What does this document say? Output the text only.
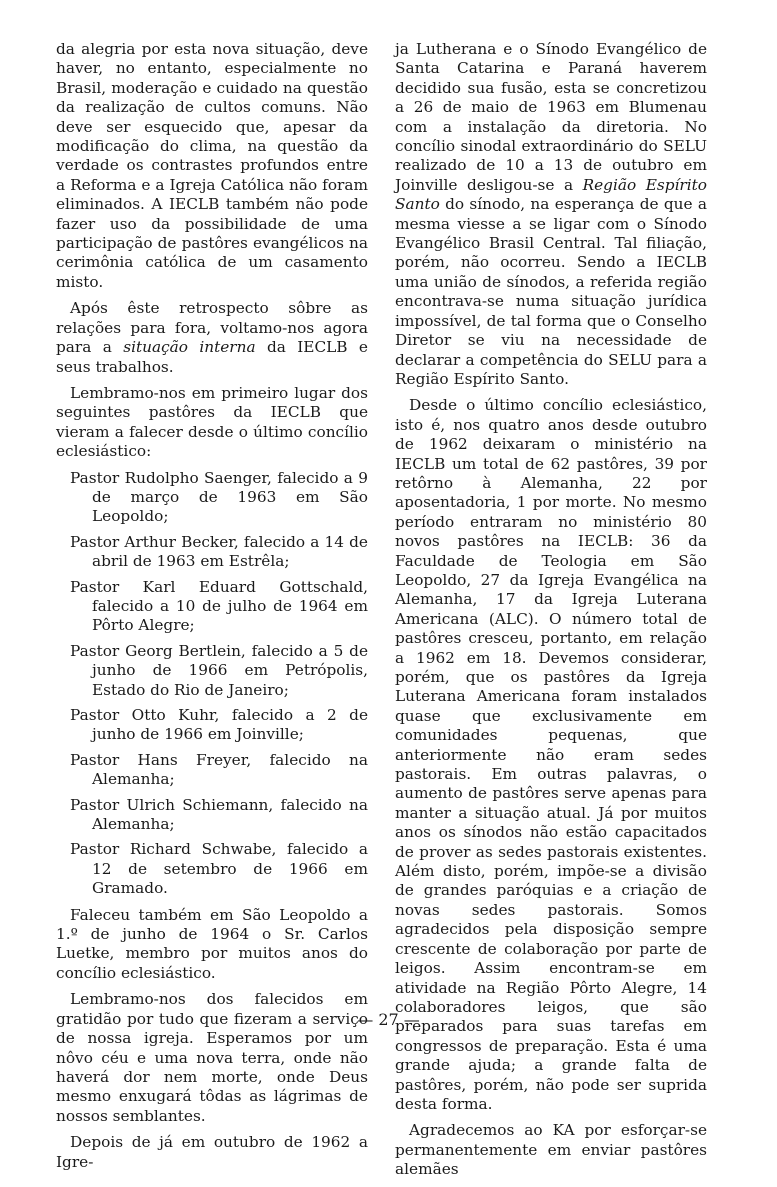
da alegria por esta nova situação, deve haver, no entanto, especialmente no Brasil, moderação e cuidado na questão da realização de cultos comuns. Não deve ser esquecido que, apesar da modificação do clima, na questão da verdade os contrastes profundos entre a Reforma e a Igreja Católica não foram eliminados. A IECLB também não pode fazer uso da possibilidade de uma participação de pastôres evangélicos na cerimônia católica de um casamento misto.

Após êste retrospecto sôbre as relações para fora, voltamo-nos agora para a situação interna da IECLB e seus trabalhos.

Lembramo-nos em primeiro lugar dos seguintes pastôres da IECLB que vieram a falecer desde o último concílio eclesiástico:

Pastor Rudolpho Saenger, falecido a 9 de março de 1963 em São Leopoldo;
Pastor Arthur Becker, falecido a 14 de abril de 1963 em Estrêla;
Pastor Karl Eduard Gottschald, falecido a 10 de julho de 1964 em Pôrto Alegre;
Pastor Georg Bertlein, falecido a 5 de junho de 1966 em Petrópolis, Estado do Rio de Janeiro;
Pastor Otto Kuhr, falecido a 2 de junho de 1966 em Joinville;
Pastor Hans Freyer, falecido na Alemanha;
Pastor Ulrich Schiemann, falecido na Alemanha;
Pastor Richard Schwabe, falecido a 12 de setembro de 1966 em Gramado.

Faleceu também em São Leopoldo a 1.º de junho de 1964 o Sr. Carlos Luetke, membro por muitos anos do concílio eclesiástico.

Lembramo-nos dos falecidos em gratidão por tudo que fizeram a serviço de nossa igreja. Esperamos por um nôvo céu e uma nova terra, onde não haverá dor nem morte, onde Deus mesmo enxugará tôdas as lágrimas de nossos semblantes.

Depois de já em outubro de 1962 a Igre-

ja Lutherana e o Sínodo Evangélico de Santa Catarina e Paraná haverem decidido sua fusão, esta se concretizou a 26 de maio de 1963 em Blumenau com a instalação da diretoria. No concílio sinodal extraordinário do SELU realizado de 10 a 13 de outubro em Joinville desligou-se a Região Espírito Santo do sínodo, na esperança de que a mesma viesse a se ligar com o Sínodo Evangélico Brasil Central. Tal filiação, porém, não ocorreu. Sendo a IECLB uma união de sínodos, a referida região encontrava-se numa situação jurídica impossível, de tal forma que o Conselho Diretor se viu na necessidade de declarar a competência do SELU para a Região Espírito Santo.

Desde o último concílio eclesiástico, isto é, nos quatro anos desde outubro de 1962 deixaram o ministério na IECLB um total de 62 pastôres, 39 por retôrno à Alemanha, 22 por aposentadoria, 1 por morte. No mesmo período entraram no ministério 80 novos pastôres na IECLB: 36 da Faculdade de Teologia em São Leopoldo, 27 da Igreja Evangélica na Alemanha, 17 da Igreja Luterana Americana (ALC). O número total de pastôres cresceu, portanto, em relação a 1962 em 18. Devemos considerar, porém, que os pastôres da Igreja Luterana Americana foram instalados quase que exclusivamente em comunidades pequenas, que anteriormente não eram sedes pastorais. Em outras palavras, o aumento de pastôres serve apenas para manter a situação atual. Já por muitos anos os sínodos não estão capacitados de prover as sedes pastorais existentes. Além disto, porém, impõe-se a divisão de grandes paróquias e a criação de novas sedes pastorais. Somos agradecidos pela disposição sempre crescente de colaboração por parte de leigos. Assim encontram-se em atividade na Região Pôrto Alegre, 14 colaboradores leigos, que são preparados para suas tarefas em congressos de preparação. Esta é uma grande ajuda; a grande falta de pastôres, porém, não pode ser suprida desta forma.

Agradecemos ao KA por esforçar-se permanentemente em enviar pastôres alemães

— 27 —
